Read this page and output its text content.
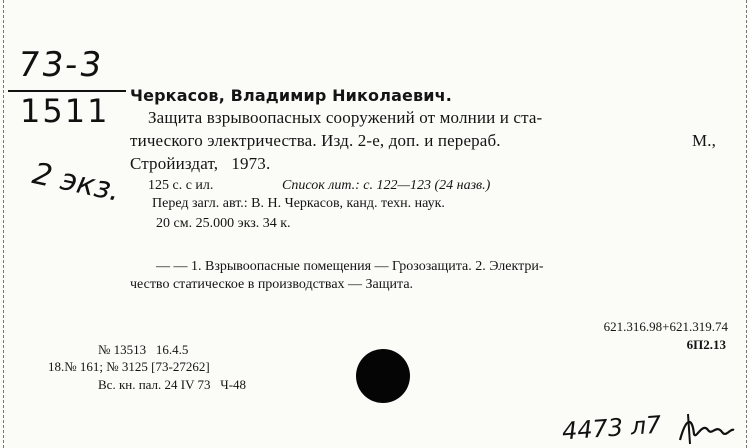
73-3
1511
2 экз.
Черкасов, Владимир Николаевич.
Защита взрывоопасных сооружений от молнии и ста-
тического электричества. Изд. 2-е, доп. и перераб.	М.,
Стройиздат,   1973.
125 с. с ил.	Список лит.: с. 122—123 (24 назв.)
Перед загл. авт.: В. Н. Черкасов, канд. техн. наук.
20 см. 25.000 экз. 34 к.
— — 1. Взрывоопасные помещения — Грозозащита. 2. Электри-
чество статическое в производствах — Защита.
621.316.98+621.319.74
6П2.13
№ 13513   16.4.5
18.№ 161; № 3125 [73-27262]
Вс. кн. пал. 24 IV 73   Ч-48
4473 л7
